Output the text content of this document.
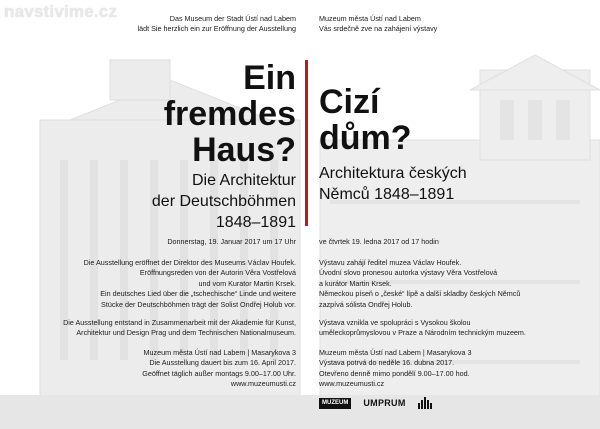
navstivime.cz	Das Museum der Stadt Ústí nad Labem
lädt Sie herzlich ein zur Eröffnung der Ausstellung
Ein
fremdes
Haus?
Die Architektur
der Deutschböhmen
1848–1891
Donnerstag, 19. Januar 2017 um 17 Uhr
Die Ausstellung eröffnet der Direktor des Museums Václav Houfek.
Eröffnungsreden von der Autorin Věra Vostřelová
und vom Kurator Martin Krsek.
Ein deutsches Lied über die „tschechische“ Linde und weitere
Stücke der Deutschböhmen trägt der Solist Ondřej Holub vor.
Die Ausstellung entstand in Zusammenarbeit mit der Akademie für Kunst,
Architektur und Design Prag und dem Technischen Nationalmuseum.
Muzeum města Ústí nad Labem | Masarykova 3
Die Ausstellung dauert bis zum 16. April 2017.
Geöffnet täglich außer montags 9.00–17.00 Uhr.
www.muzeumusti.cz
Muzeum města Ústí nad Labem
Vás srdečně zve na zahájení výstavy
Cizí
dům?
Architektura českých
Němců 1848–1891
ve čtvrtek 19. ledna 2017 od 17 hodin
Výstavu zahájí ředitel muzea Václav Houfek.
Úvodní slovo pronesou autorka výstavy Věra Vostřelová
a kurátor Martin Krsek.
Německou píseň o „české“ lípě a další skladby českých Němců
zazpívá sólista Ondřej Holub.
Výstava vznikla ve spolupráci s Vysokou školou
uměleckoprůmyslovou v Praze a Národním technickým muzeem.
Muzeum města Ústí nad Labem | Masarykova 3
Výstava potrvá do neděle 16. dubna 2017.
Otevřeno denně mimo pondělí 9.00–17.00 hod.
www.muzeumusti.cz
MUZEUM	UMPRUM
